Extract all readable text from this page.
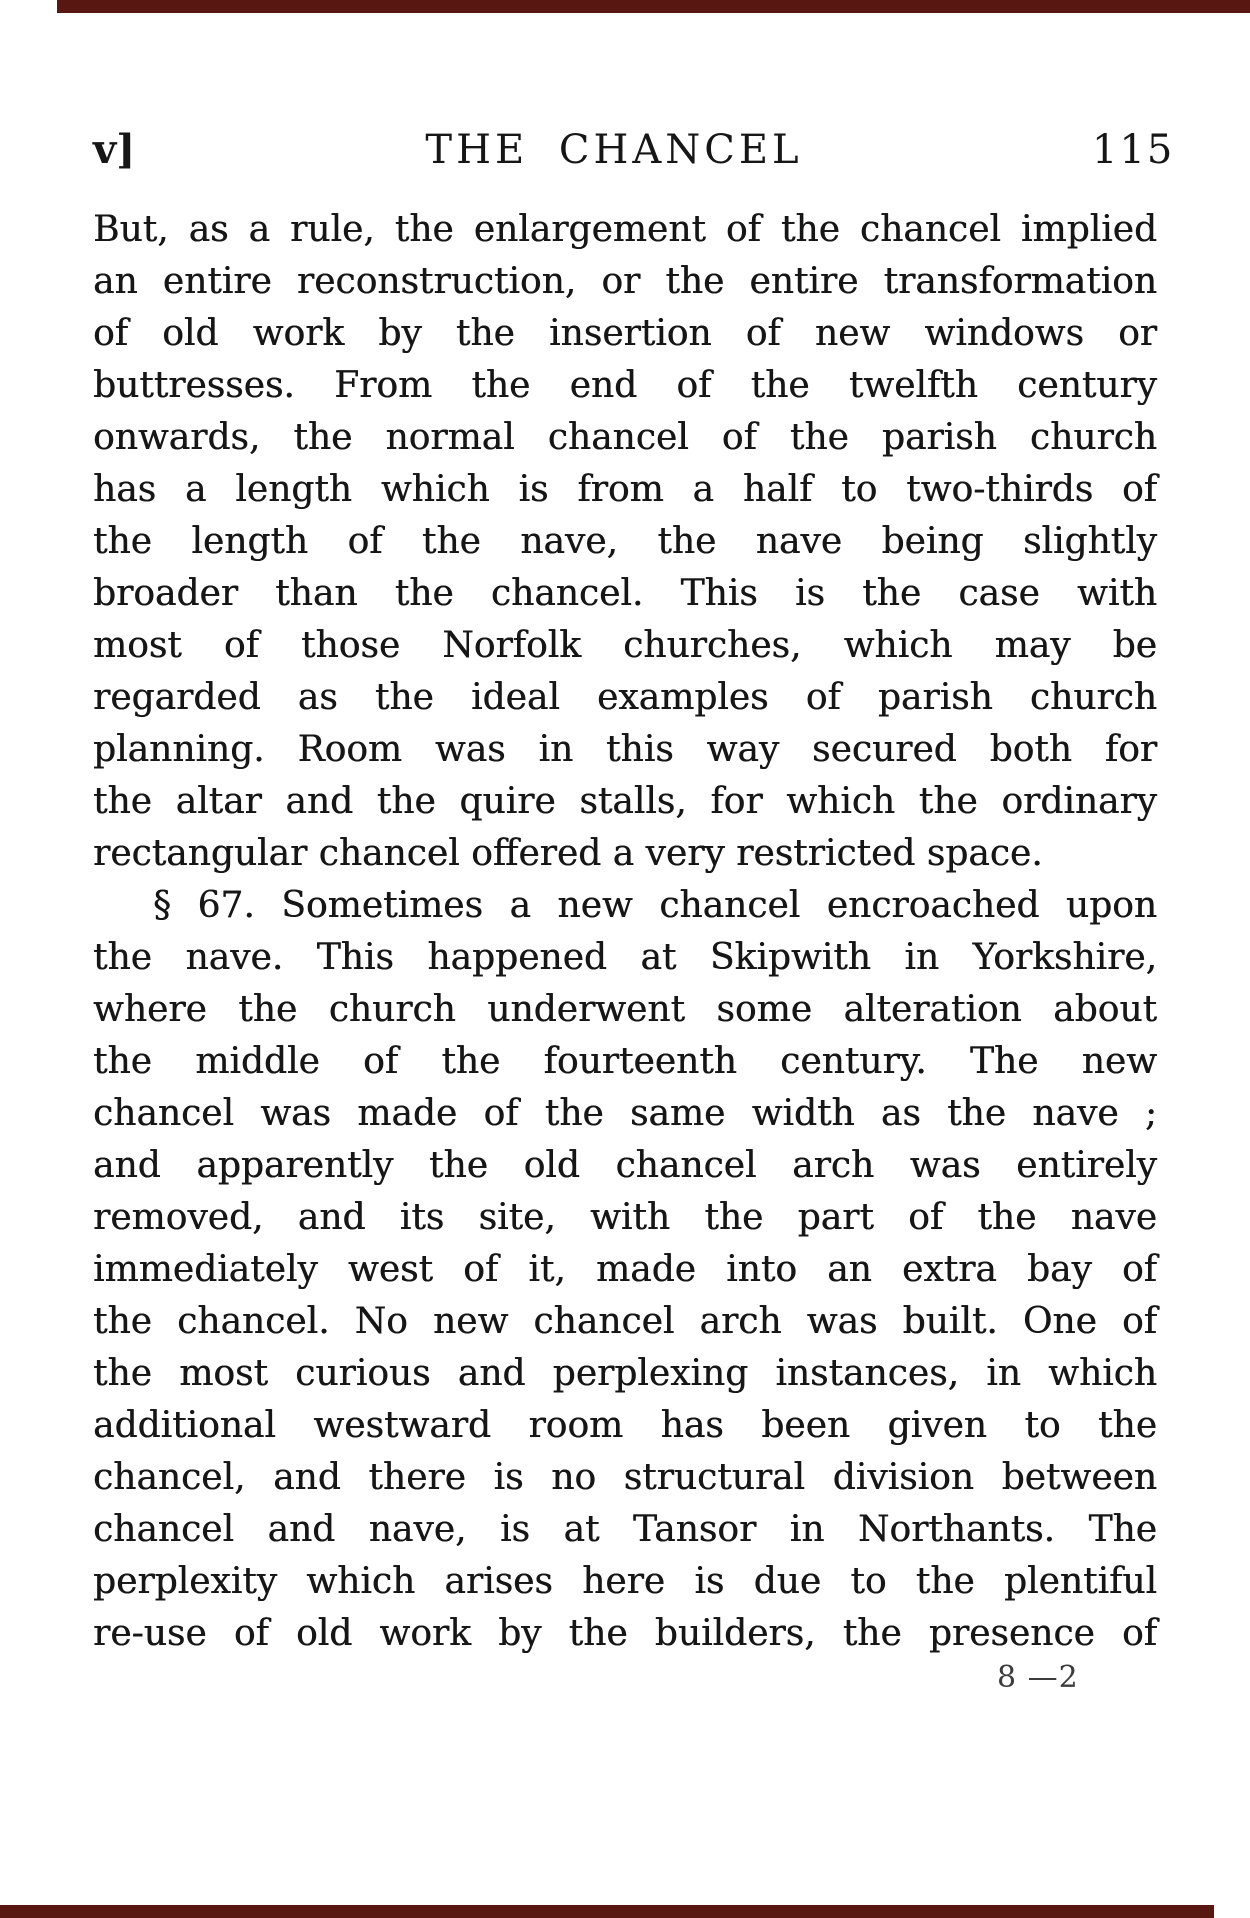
v]	THE CHANCEL	115
But, as a rule, the enlargement of the chancel implied
an entire reconstruction, or the entire transformation
of old work by the insertion of new windows or
buttresses. From the end of the twelfth century
onwards, the normal chancel of the parish church
has a length which is from a half to two-thirds of
the length of the nave, the nave being slightly
broader than the chancel. This is the case with
most of those Norfolk churches, which may be
regarded as the ideal examples of parish church
planning. Room was in this way secured both for
the altar and the quire stalls, for which the ordinary
rectangular chancel offered a very restricted space.
§ 67. Sometimes a new chancel encroached upon
the nave. This happened at Skipwith in Yorkshire,
where the church underwent some alteration about
the middle of the fourteenth century. The new
chancel was made of the same width as the nave ;
and apparently the old chancel arch was entirely
removed, and its site, with the part of the nave
immediately west of it, made into an extra bay of
the chancel. No new chancel arch was built. One of
the most curious and perplexing instances, in which
additional westward room has been given to the
chancel, and there is no structural division between
chancel and nave, is at Tansor in Northants. The
perplexity which arises here is due to the plentiful
re-use of old work by the builders, the presence of
8 —2
